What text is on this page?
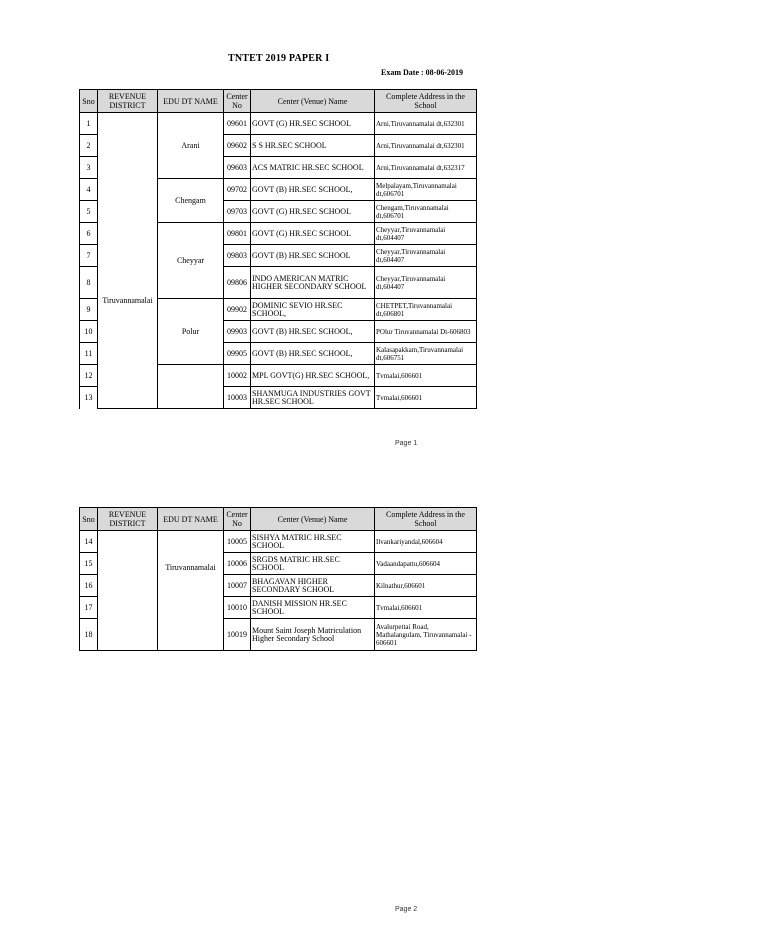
TNTET 2019 PAPER I
Exam Date : 08-06-2019
Sno	REVENUE DISTRICT	EDU DT NAME	Center No	Center (Venue) Name	Complete Address in the School
1	Tiruvannamalai	Arani	09601	GOVT (G) HR.SEC SCHOOL	Arni,Tiruvannamalai dt,632301
2			09602	S S HR.SEC SCHOOL	Arni,Tiruvannamalai dt,632301
3			09603	ACS MATRIC HR.SEC SCHOOL	Arni,Tiruvannamalai dt,632317
4		Chengam	09702	GOVT (B) HR.SEC SCHOOL,	Melpalayam,Tiruvannamalai dt,606701
5			09703	GOVT (G) HR.SEC SCHOOL	Chengam,Tiruvannamalai dt,606701
6		Cheyyar	09801	GOVT (G) HR.SEC SCHOOL	Cheyyar,Tiruvannamalai dt,604407
7			09803	GOVT (B) HR.SEC SCHOOL	Cheyyar,Tiruvannamalai dt,604407
8			09806	INDO AMERICAN MATRIC HIGHER SECONDARY SCHOOL	Cheyyar,Tiruvannamalai dt,604407
9		Polur	09902	DOMINIC SEVIO HR.SEC SCHOOL,	CHETPET,Tiruvannamalai dt,606801
10			09903	GOVT (B) HR.SEC SCHOOL,	POlur Tiruvannamalai Dt-606803
11			09905	GOVT (B) HR.SEC SCHOOL,	Kalasapakkam,Tiruvannamalai dt,606751
12			10002	MPL GOVT(G) HR.SEC SCHOOL,	Tvmalai,606601
13			10003	SHANMUGA INDUSTRIES GOVT HR.SEC SCHOOL	Tvmalai,606601
Page 1
Sno	REVENUE DISTRICT	EDU DT NAME	Center No	Center (Venue) Name	Complete Address in the School
14		Tiruvannamalai	10005	SISHYA MATRIC HR.SEC SCHOOL	Ilvankariyandal,606604
15			10006	SRGDS MATRIC HR.SEC SCHOOL	Vadaandapattu,606604
16			10007	BHAGAVAN HIGHER SECONDARY SCHOOL	Kilnathur,606601
17			10010	DANISH MISSION HR.SEC SCHOOL	Tvmalai,606601
18			10019	Mount Saint Joseph Matriculation Higher Secondary School	Avalurpettai Road, Mathalangulam, Tiruvannamalai - 606601
Page 2
